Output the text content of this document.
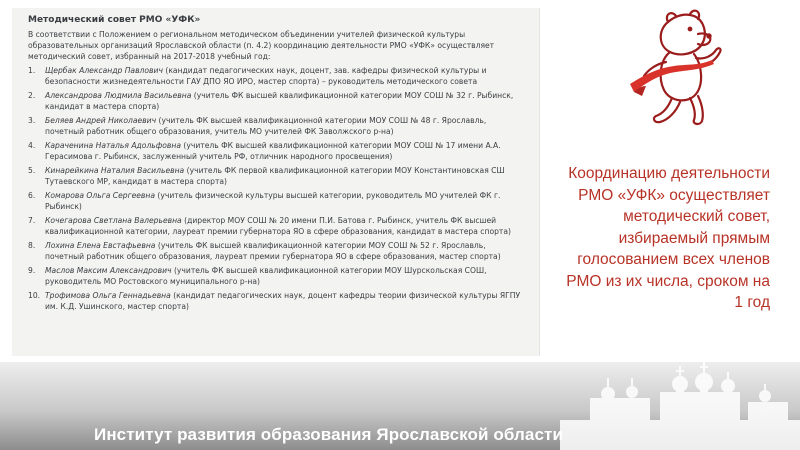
Методический совет РМО «УФК»

В соответствии с Положением о региональном методическом объединении учителей физической культуры образовательных организаций Ярославской области (п. 4.2) координацию деятельности РМО «УФК» осуществляет методический совет, избранный на 2017-2018 учебный год:

1. Щербак Александр Павлович (кандидат педагогических наук, доцент, зав. кафедры физической культуры и безопасности жизнедеятельности ГАУ ДПО ЯО ИРО, мастер спорта) – руководитель методического совета
2. Александрова Людмила Васильевна (учитель ФК высшей квалификационной категории МОУ СОШ № 32 г. Рыбинск, кандидат в мастера спорта)
3. Беляев Андрей Николаевич (учитель ФК высшей квалификационной категории МОУ СОШ № 48 г. Ярославль, почетный работник общего образования, учитель МО учителей ФК Заволжского р-на)
4. Караченина Наталья Адольфовна (учитель ФК высшей квалификационной категории МОУ СОШ № 17 имени А.А. Герасимова г. Рыбинск, заслуженный учитель РФ, отличник народного просвещения)
5. Кинарейкина Наталия Васильевна (учитель ФК первой квалификационной категории МОУ Константиновская СШ Тутаевского МР, кандидат в мастера спорта)
6. Комарова Ольга Сергеевна (учитель физической культуры высшей категории, руководитель МО учителей ФК г. Рыбинск)
7. Кочегарова Светлана Валерьевна (директор МОУ СОШ № 20 имени П.И. Батова г. Рыбинск, учитель ФК высшей квалификационной категории, лауреат премии губернатора ЯО в сфере образования, кандидат в мастера спорта)
8. Лохина Елена Евстафьевна (учитель ФК высшей квалификационной категории МОУ СОШ № 52 г. Ярославль, почетный работник общего образования, лауреат премии губернатора ЯО в сфере образования, мастер спорта)
9. Маслов Максим Александрович (учитель ФК высшей квалификационной категории МОУ Шурскольская СОШ, руководитель МО Ростовского муниципального р-на)
10. Трофимова Ольга Геннадьевна (кандидат педагогических наук, доцент кафедры теории физической культуры ЯГПУ им. К.Д. Ушинского, мастер спорта)
Координацию деятельности РМО «УФК» осуществляет методический совет, избираемый прямым голосованием всех членов РМО из их числа, сроком на 1 год
Институт развития образования Ярославской области
